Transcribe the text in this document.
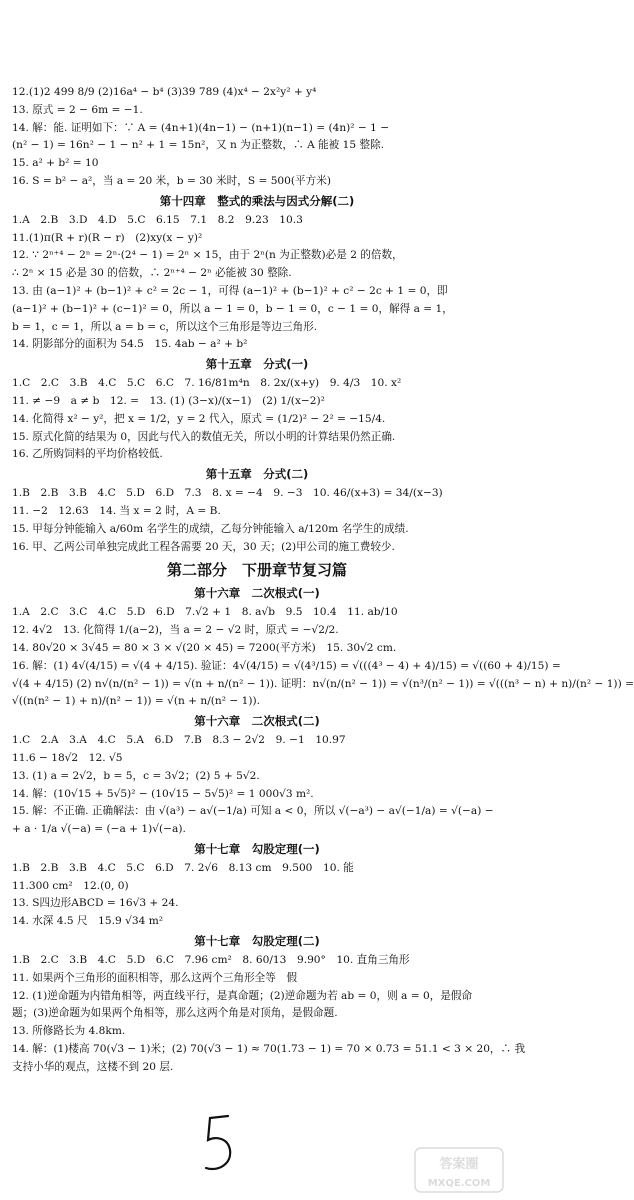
12.(1)2 499 8/9 (2)16a⁴ − b⁴ (3)39 789 (4)x⁴ − 2x²y² + y⁴
13. 原式 = 2 − 6m = −1.
14. 解：能. 证明如下：∵ A = (4n+1)(4n−1) − (n+1)(n−1) = (4n)² − 1 −
(n² − 1) = 16n² − 1 − n² + 1 = 15n²，又 n 为正整数，∴ A 能被 15 整除.
15. a² + b² = 10
16. S = b² − a²，当 a = 20 米，b = 30 米时，S = 500(平方米)
第十四章　整式的乘法与因式分解(二)
1.A　2.B　3.D　4.D　5.C　6.15　7.1　8.2　9.23　10.3
11.(1)π(R + r)(R − r)　(2)xy(x − y)²
12. ∵ 2ⁿ⁺⁴ − 2ⁿ = 2ⁿ·(2⁴ − 1) = 2ⁿ × 15，由于 2ⁿ(n 为正整数)必是 2 的倍数，
∴ 2ⁿ × 15 必是 30 的倍数，∴ 2ⁿ⁺⁴ − 2ⁿ 必能被 30 整除.
13. 由 (a−1)² + (b−1)² + c² = 2c − 1，可得 (a−1)² + (b−1)² + c² − 2c + 1 = 0，即
(a−1)² + (b−1)² + (c−1)² = 0，所以 a − 1 = 0，b − 1 = 0，c − 1 = 0，解得 a = 1，
b = 1，c = 1，所以 a = b = c，所以这个三角形是等边三角形.
14. 阴影部分的面积为 54.5　15. 4ab − a² + b²
第十五章　分式(一)
1.C　2.C　3.B　4.C　5.C　6.C　7. 16/81m⁴n　8. 2x/(x+y)　9. 4/3　10. x²
11. ≠ −9　a ≠ b　12. =　13. (1) (3−x)/(x−1)　(2) 1/(x−2)²
14. 化简得 x² − y²，把 x = 1/2，y = 2 代入，原式 = (1/2)² − 2² = −15/4.
15. 原式化简的结果为 0，因此与代入的数值无关，所以小明的计算结果仍然正确.
16. 乙所购饲料的平均价格较低.
第十五章　分式(二)
1.B　2.B　3.B　4.C　5.D　6.D　7.3　8. x = −4　9. −3　10. 46/(x+3) = 34/(x−3)
11. −2　12.63　14. 当 x = 2 时，A = B.
15. 甲每分钟能输入 a/60m 名学生的成绩，乙每分钟能输入 a/120m 名学生的成绩.
16. 甲、乙两公司单独完成此工程各需要 20 天，30 天；(2)甲公司的施工费较少.
第二部分　下册章节复习篇
第十六章　二次根式(一)
1.A　2.C　3.C　4.C　5.D　6.D　7.√2 + 1　8. a√b　9.5　10.4　11. ab/10
12. 4√2　13. 化简得 1/(a−2)，当 a = 2 − √2 时，原式 = −√2/2.
14. 80√20 × 3√45 = 80 × 3 × √(20 × 45) = 7200(平方米)　15. 30√2 cm.
16. 解：(1) 4√(4/15) = √(4 + 4/15). 验证：4√(4/15) = √(4³/15) = √(((4³ − 4) + 4)/15) = √((60 + 4)/15) =
√(4 + 4/15) (2) n√(n/(n² − 1)) = √(n + n/(n² − 1)). 证明：n√(n/(n² − 1)) = √(n³/(n² − 1)) = √(((n³ − n) + n)/(n² − 1)) =
√((n(n² − 1) + n)/(n² − 1)) = √(n + n/(n² − 1)).
第十六章　二次根式(二)
1.C　2.A　3.A　4.C　5.A　6.D　7.B　8.3 − 2√2　9. −1　10.97
11.6 − 18√2　12. √5
13. (1) a = 2√2，b = 5，c = 3√2；(2) 5 + 5√2.
14. 解：(10√15 + 5√5)² − (10√15 − 5√5)² = 1 000√3 m².
15. 解：不正确. 正确解法：由 √(a³) − a√(−1/a) 可知 a < 0，所以 √(−a³) − a√(−1/a) = √(−a) −
+ a · 1/a √(−a) = (−a + 1)√(−a).
第十七章　勾股定理(一)
1.B　2.B　3.B　4.C　5.C　6.D　7. 2√6　8.13 cm　9.500　10. 能
11.300 cm²　12.(0, 0)
13. S四边形ABCD = 16√3 + 24.
14. 水深 4.5 尺　15.9 √34 m²
第十七章　勾股定理(二)
1.B　2.C　3.B　4.C　5.D　6.C　7.96 cm²　8. 60/13　9.90°　10. 直角三角形
11. 如果两个三角形的面积相等，那么这两个三角形全等　假
12. (1)逆命题为内错角相等，两直线平行，是真命题；(2)逆命题为若 ab = 0，则 a = 0，是假命
题；(3)逆命题为如果两个角相等，那么这两个角是对顶角，是假命题.
13. 所修路长为 4.8km.
14. 解：(1)楼高 70(√3 − 1)米；(2) 70(√3 − 1) ≈ 70(1.73 − 1) = 70 × 0.73 = 51.1 < 3 × 20，∴ 我
支持小华的观点，这楼不到 20 层.
答案圈
MXQE.COM
